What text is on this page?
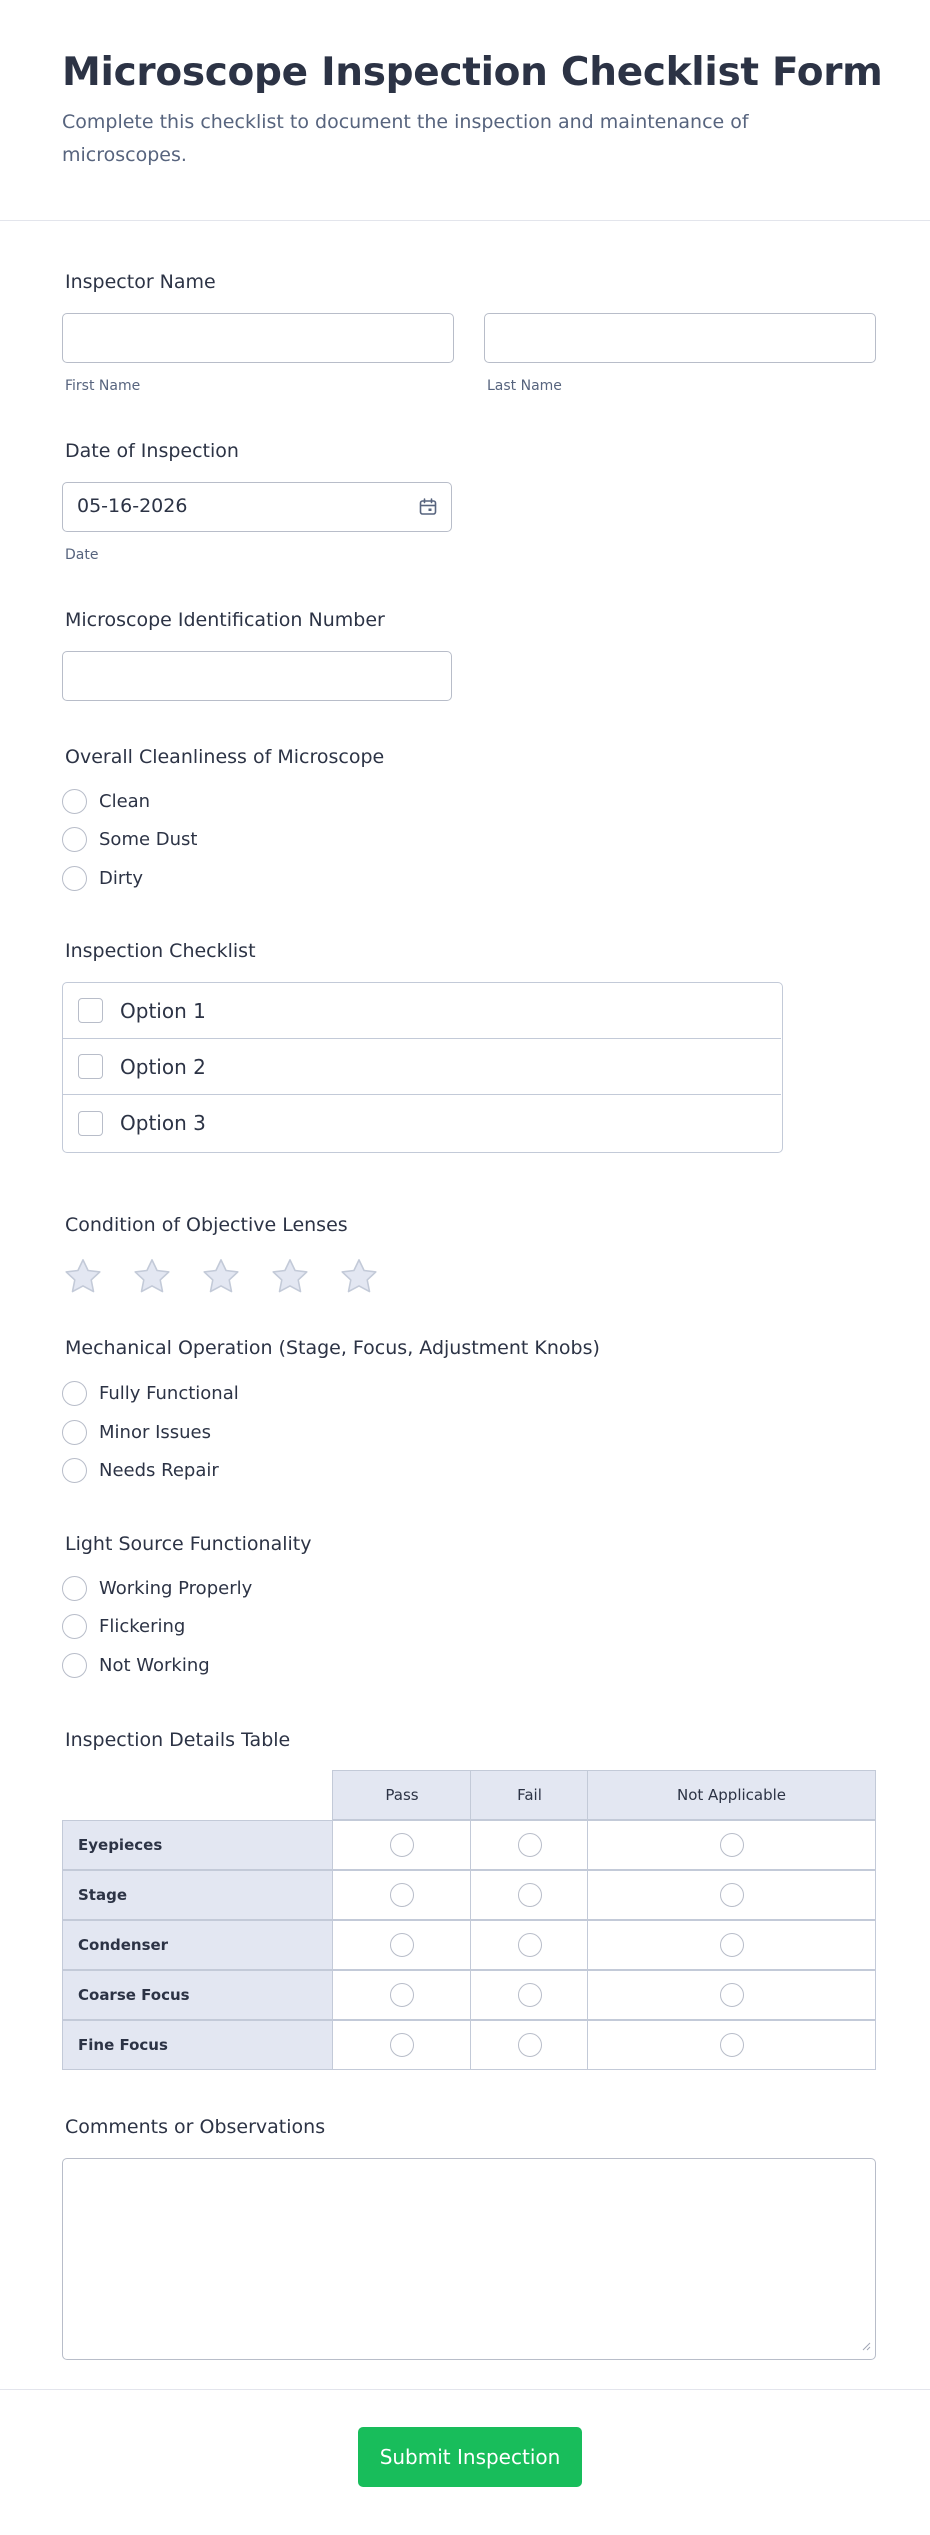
Microscope Inspection Checklist Form
Complete this checklist to document the inspection and maintenance of microscopes.
Inspector Name
First Name	Last Name
Date of Inspection
05-16-2026
Date
Microscope Identification Number
Overall Cleanliness of Microscope
Clean
Some Dust
Dirty
Inspection Checklist
Option 1
Option 2
Option 3
Condition of Objective Lenses
Mechanical Operation (Stage, Focus, Adjustment Knobs)
Fully Functional
Minor Issues
Needs Repair
Light Source Functionality
Working Properly
Flickering
Not Working
Inspection Details Table
Pass	Fail	Not Applicable
Eyepieces
Stage
Condenser
Coarse Focus
Fine Focus
Comments or Observations
Submit Inspection
